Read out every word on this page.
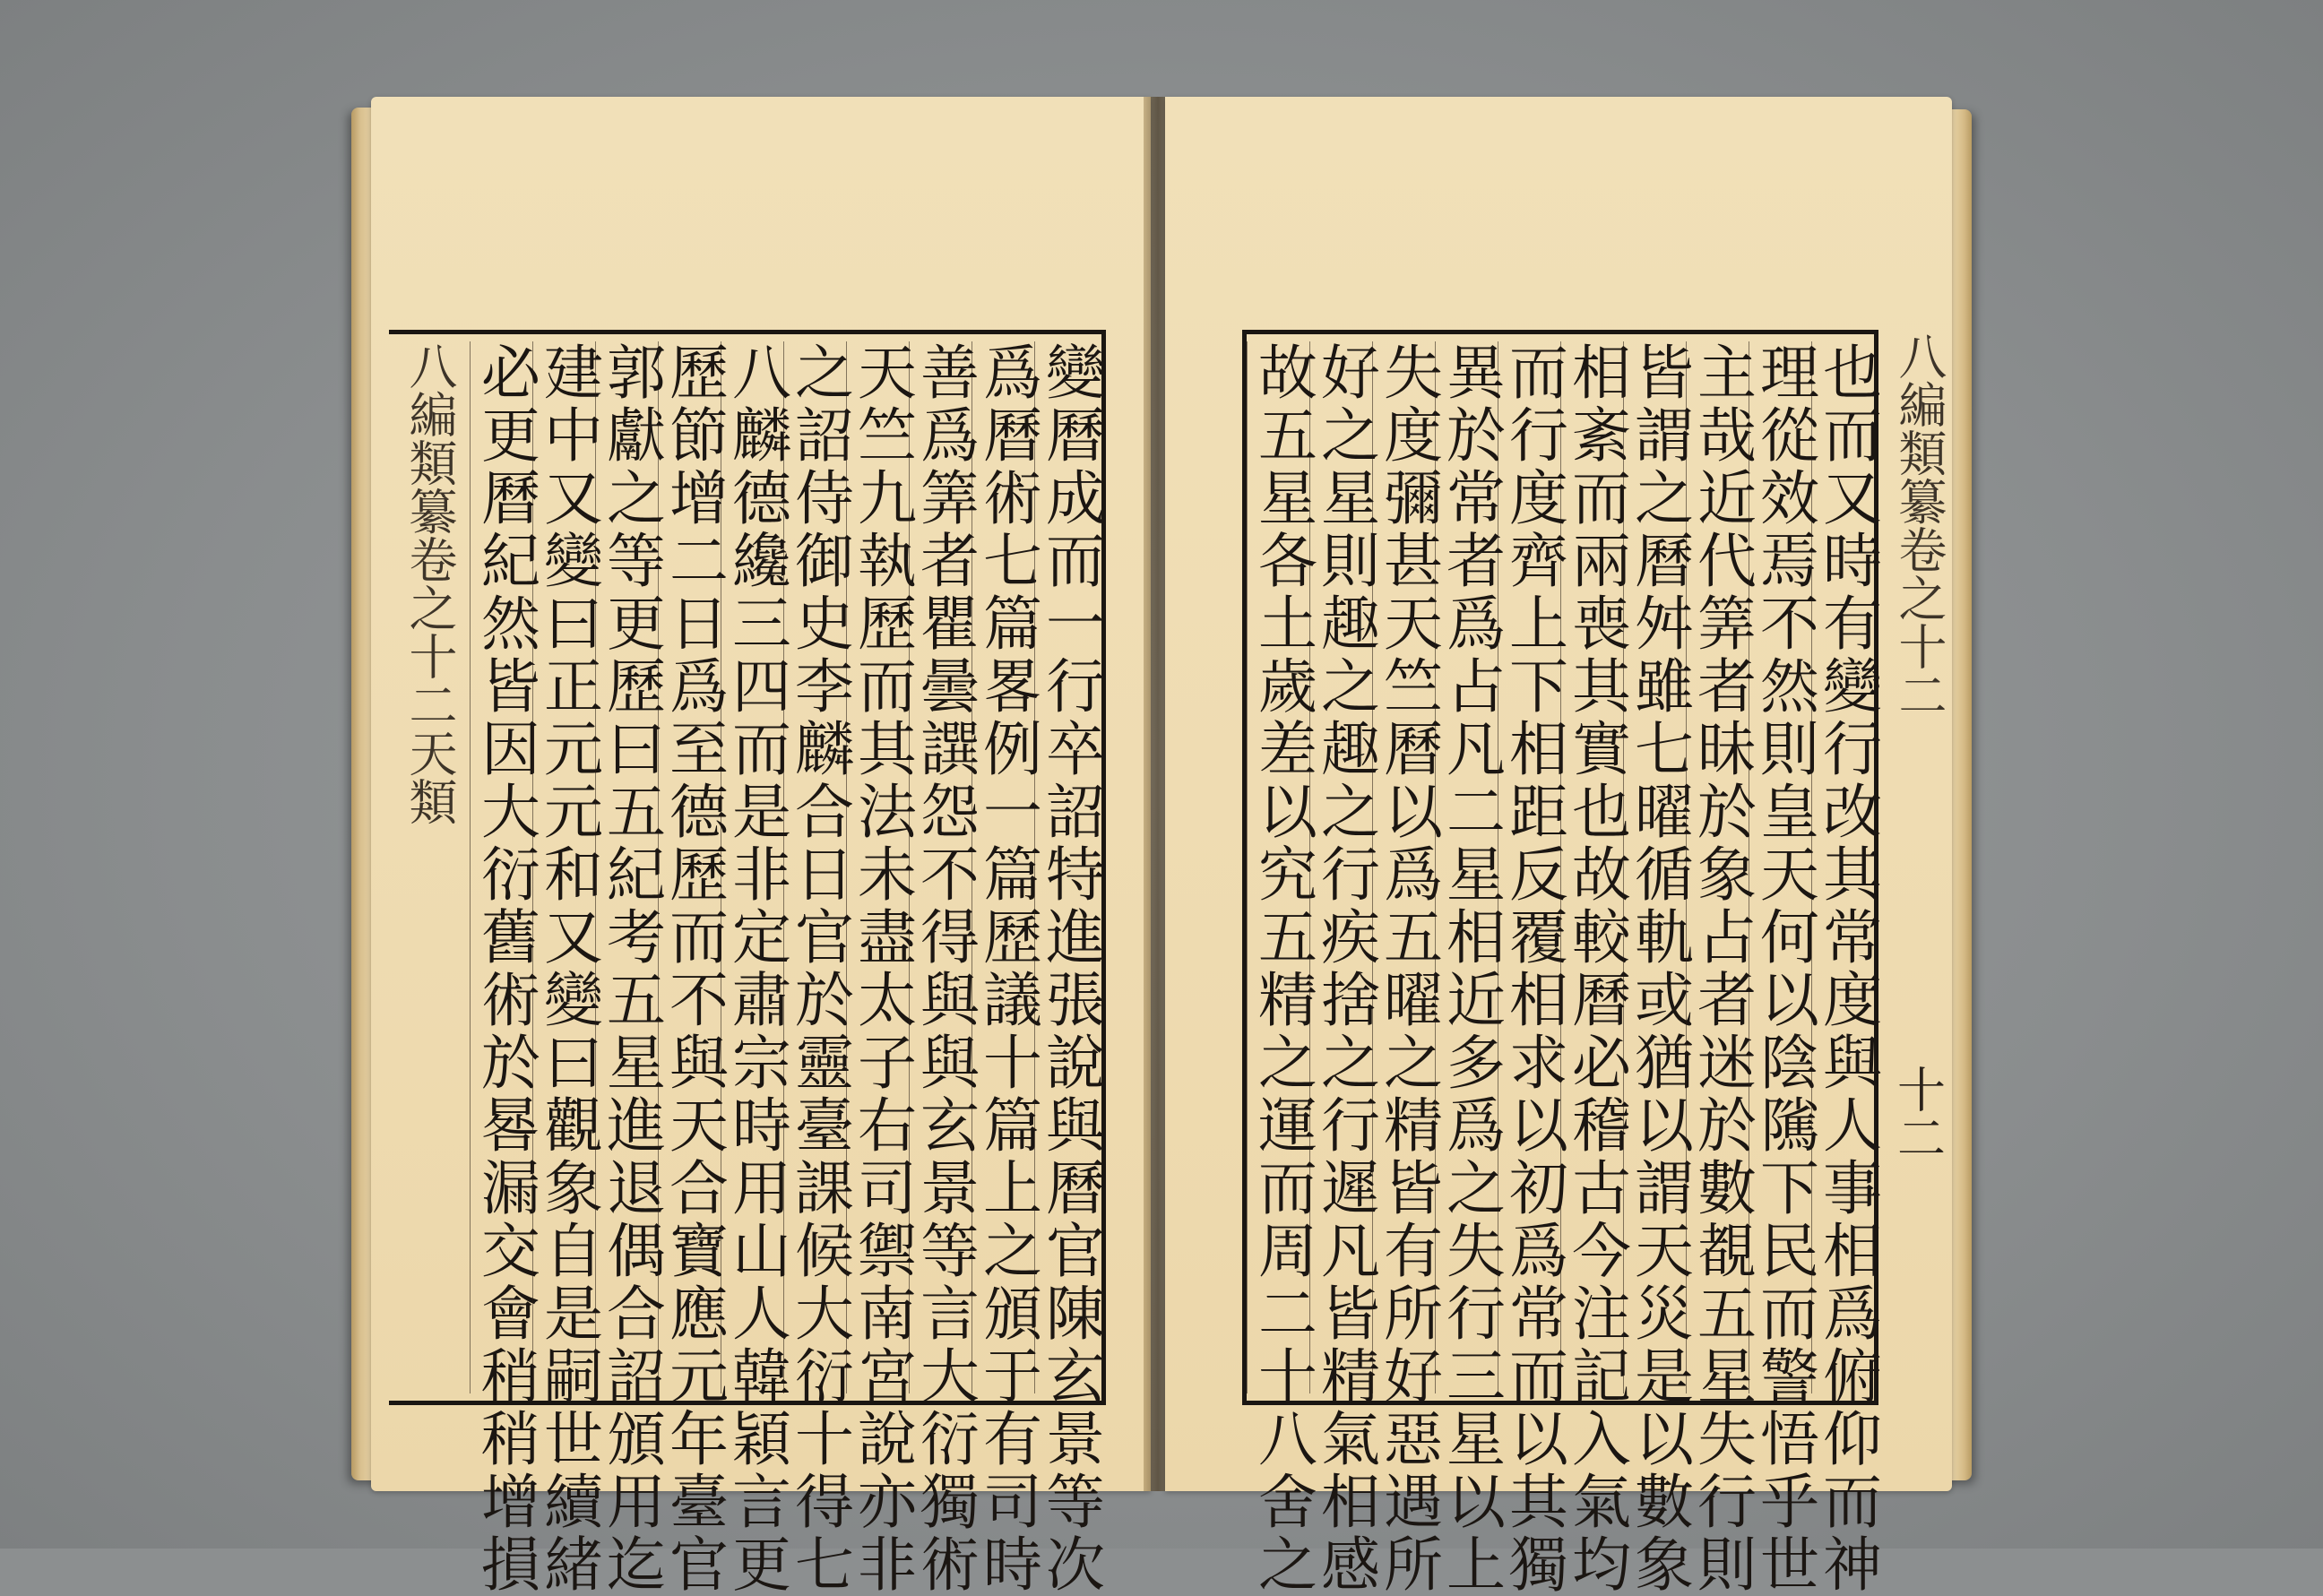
八編類纂卷之十二天類 必更曆紀然皆因大衍舊術於晷漏交會稍稍增損
建中又變曰正元元和又變曰觀象自是嗣世續緒
郭獻之等更歷曰五紀考五星進退偶合詔頒用迄
歷節增二日爲至德歷而不與天合寶應元年臺官
八麟德纔三四而是非定肅宗時用山人韓穎言更
之詔侍御史李麟合日官於靈臺課候大衍十得七
天竺九執歷而其法未盡太子右司禦南宮說亦非
善爲筭者瞿曇譔怨不得與與玄景等言大衍獨術
爲曆術七篇畧例一篇歷議十篇上之頒于有司時
變曆成而一行卒詔特進張說與曆官陳玄景等次 故五星各土歲差以究五精之運而周二十八舍之
好之星則趣之趣之行疾捨之行遲凡皆精氣相感
失度彌甚天竺曆以爲五曜之精皆有所好惡遇所
異於常者爲占凡二星相近多爲之失行三星以上
而行度齊上下相距反覆相求以初爲常而以其獨
相紊而兩喪其實也故較曆必稽古今注記入氣均
皆謂之曆舛雖七曜循軌或猶以謂天災是以數象
主哉近代筭者昧於象占者迷於數覩五星失行則
理從效焉不然則皇天何以陰隲下民而警悟乎世
也而又時有變行改其常度與人事相爲俯仰而神 八編類纂卷之十二
十二
